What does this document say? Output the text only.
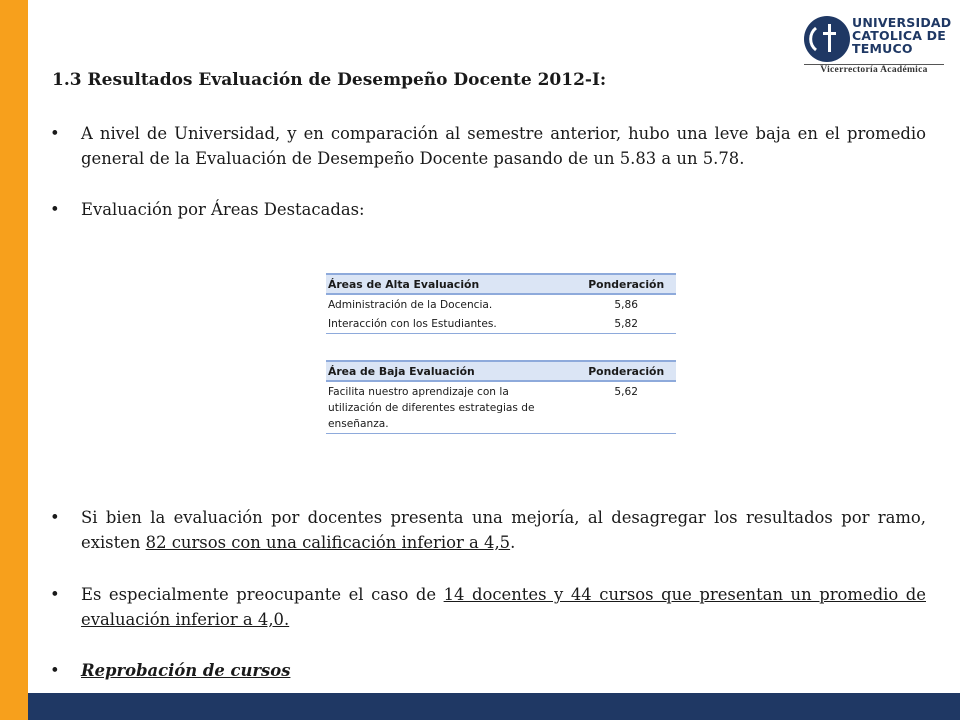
UNIVERSIDAD
CATOLICA DE
TEMUCO
Vicerrectoría Académica
1.3 Resultados Evaluación de Desempeño Docente 2012-I:
• A nivel de Universidad, y en comparación al semestre anterior, hubo una leve baja en el promedio general de la Evaluación de Desempeño Docente pasando de un 5.83 a un 5.78.
• Evaluación por Áreas Destacadas:
Áreas de Alta Evaluación	Ponderación
Administración de la Docencia.	5,86
Interacción con los Estudiantes.	5,82
Área de Baja Evaluación	Ponderación
Facilita nuestro aprendizaje con la utilización de diferentes estrategias de enseñanza.	5,62
• Si bien la evaluación por docentes presenta una mejoría, al desagregar los resultados por ramo, existen 82 cursos con una calificación inferior a 4,5.
• Es especialmente preocupante el caso de 14 docentes y 44 cursos que presentan un promedio de evaluación inferior a 4,0.
• Reprobación de cursos
